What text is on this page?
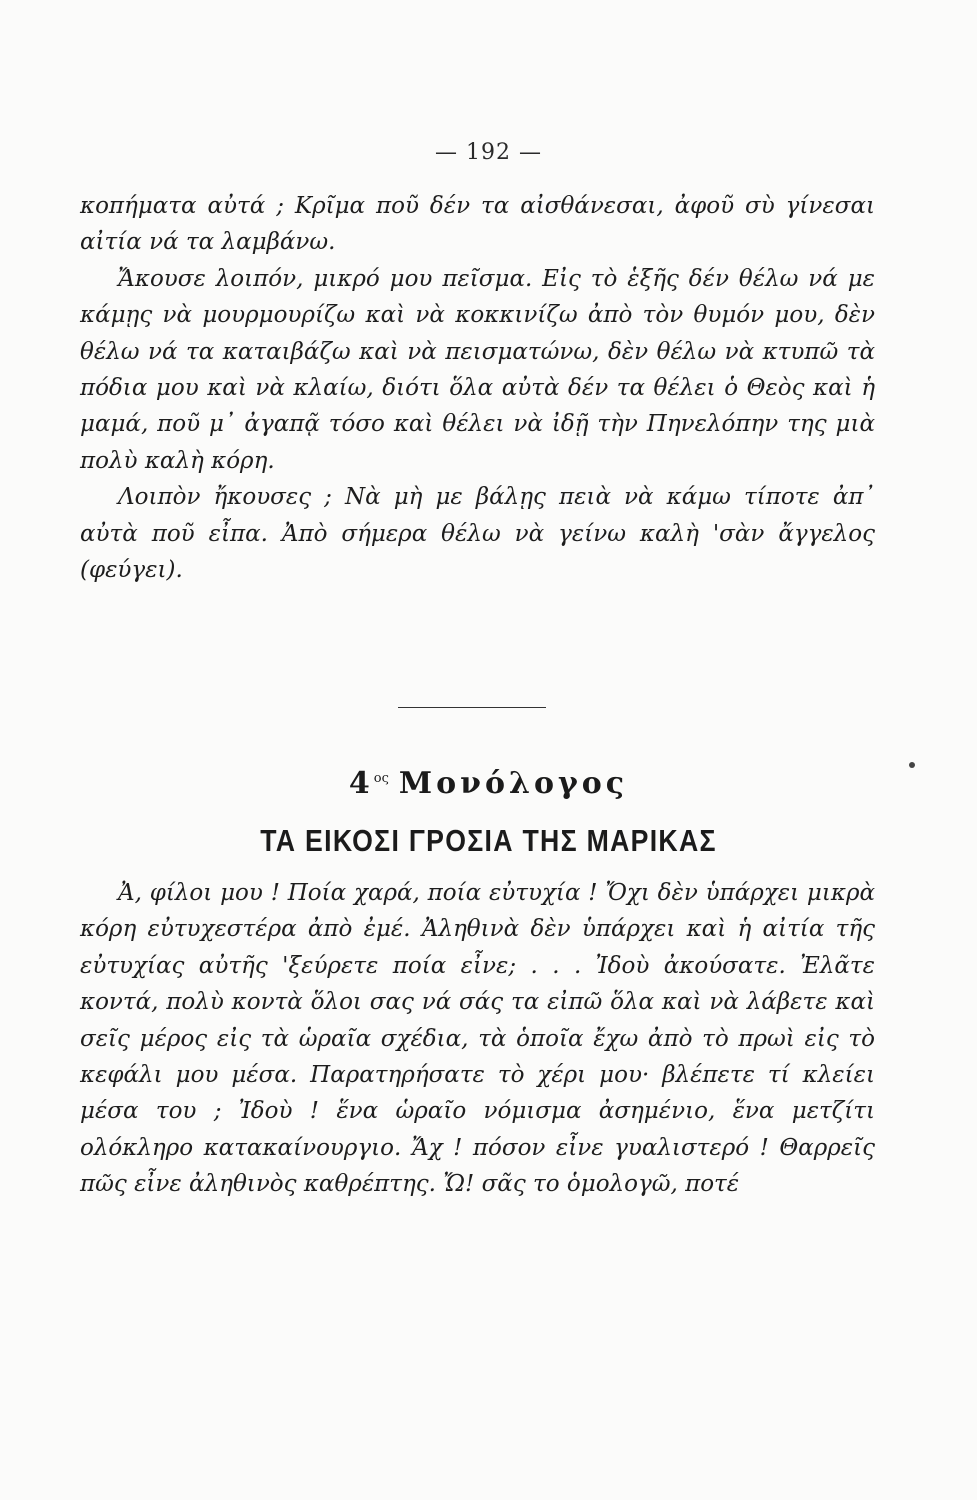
— 192 —

κοπήματα αὐτά ; Κρῖμα ποῦ δέν τα αἰσθάνεσαι, ἀφοῦ σὺ γίνεσαι αἰτία νά τα λαμβάνω.

Ἄκουσε λοιπόν, μικρό μου πεῖσμα. Εἰς τὸ ἑξῆς δέν θέλω νά με κάμῃς νὰ μουρμουρίζω καὶ νὰ κοκκινίζω ἀπὸ τὸν θυμόν μου, δὲν θέλω νά τα καταιβάζω καὶ νὰ πεισματώνω, δὲν θέλω νὰ κτυπῶ τὰ πόδια μου καὶ νὰ κλαίω, διότι ὅλα αὐτὰ δέν τα θέλει ὁ Θεὸς καὶ ἡ μαμά, ποῦ μ᾽ ἀγαπᾷ τόσο καὶ θέλει νὰ ἰδῇ τὴν Πηνελόπην της μιὰ πολὺ καλὴ κόρη.

Λοιπὸν ἤκουσες ; Νὰ μὴ με βάλῃς πειὰ νὰ κάμω τίποτε ἀπ᾽ αὐτὰ ποῦ εἶπα. Ἀπὸ σήμερα θέλω νὰ γείνω καλὴ 'σὰν ἄγγελος (φεύγει).

$4^{o\varsigma}$ Μονόλογος
ΤΑ ΕΙΚΟΣΙ ΓΡΟΣΙΑ ΤΗΣ ΜΑΡΙΚΑΣ

Ἀ, φίλοι μου ! Ποία χαρά, ποία εὐτυχία ! Ὄχι δὲν ὑπάρχει μικρὰ κόρη εὐτυχεστέρα ἀπὸ ἐμέ. Ἀληθινὰ δὲν ὑπάρχει καὶ ἡ αἰτία τῆς εὐτυχίας αὐτῆς 'ξεύρετε ποία εἶνε; . . . Ἰδοὺ ἀκούσατε. Ἐλᾶτε κοντά, πολὺ κοντὰ ὅλοι σας νά σάς τα εἰπῶ ὅλα καὶ νὰ λάβετε καὶ σεῖς μέρος εἰς τὰ ὡραῖα σχέδια, τὰ ὁποῖα ἔχω ἀπὸ τὸ πρωὶ εἰς τὸ κεφάλι μου μέσα. Παρατηρήσατε τὸ χέρι μου· βλέπετε τί κλείει μέσα του ; Ἰδοὺ ! ἕνα ὡραῖο νόμισμα ἀσημένιο, ἕνα μετζίτι ολόκληρο κατακαίνουργιο. Ἄχ ! πόσον εἶνε γυαλιστερό ! Θαρρεῖς πῶς εἶνε ἀληθινὸς καθρέπτης. Ὤ! σᾶς το ὁμολογῶ, ποτέ
